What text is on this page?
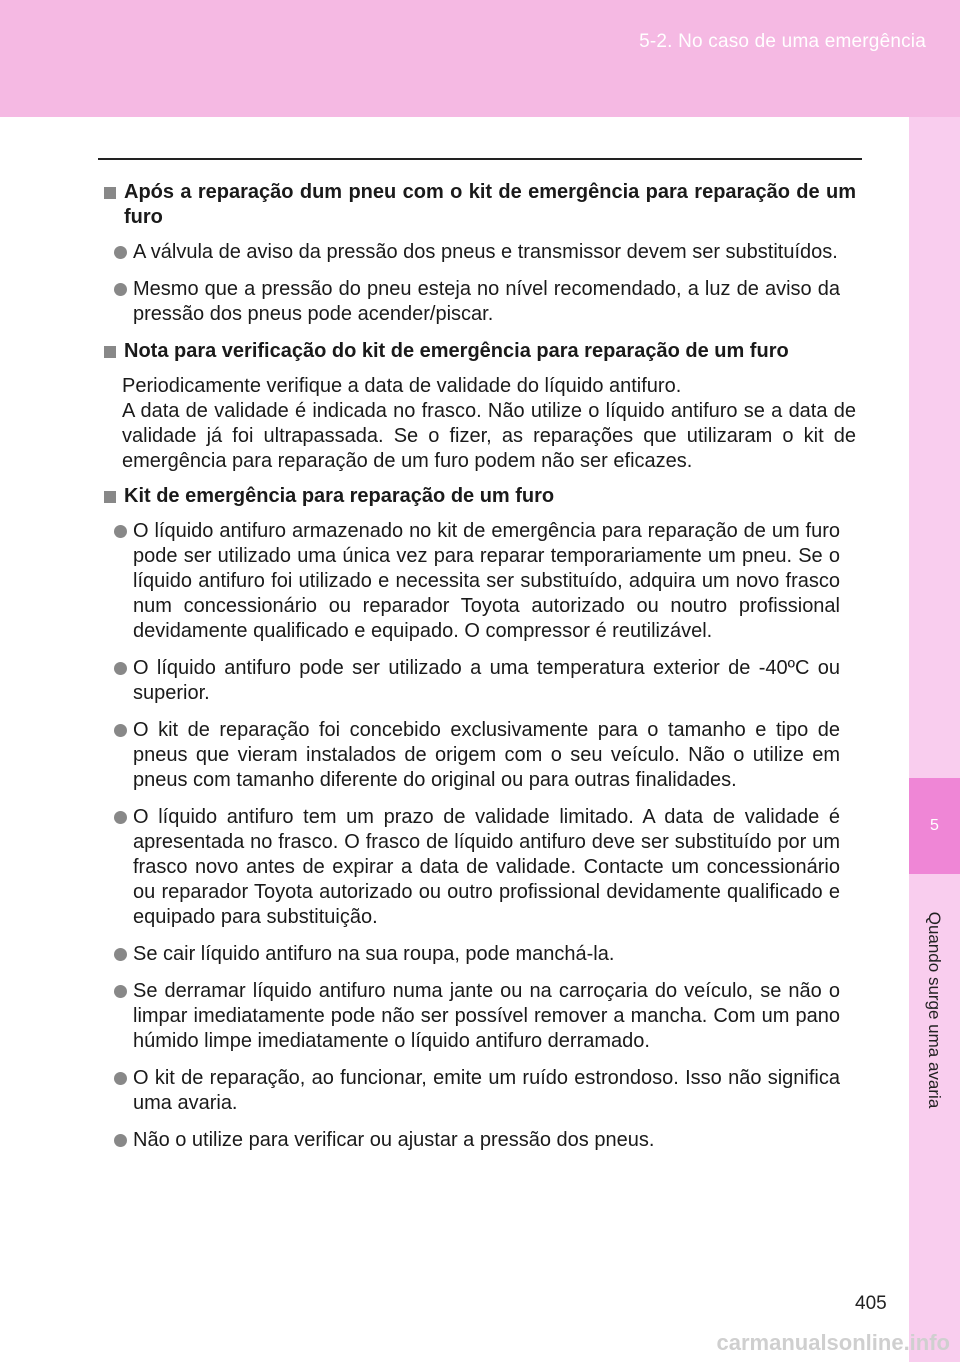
5-2. No caso de uma emergência
5
Quando surge uma avaria
Após a reparação dum pneu com o kit de emergência para reparação de um furo
A válvula de aviso da pressão dos pneus e transmissor devem ser substituídos.
Mesmo que a pressão do pneu esteja no nível recomendado, a luz de aviso da pressão dos pneus pode acender/piscar.
Nota para verificação do kit de emergência para reparação de um furo

Periodicamente verifique a data de validade do líquido antifuro.

A data de validade é indicada no frasco. Não utilize o líquido antifuro se a data de validade já foi ultrapassada. Se o fizer, as reparações que utilizaram o kit de emergência para reparação de um furo podem não ser eficazes.

Kit de emergência para reparação de um furo
O líquido antifuro armazenado no kit de emergência para reparação de um furo pode ser utilizado uma única vez para reparar temporariamente um pneu. Se o líquido antifuro foi utilizado e necessita ser substituído, adquira um novo frasco num concessionário ou reparador Toyota autorizado ou noutro profissional devidamente qualificado e equipado. O compressor é reutilizável.
O líquido antifuro pode ser utilizado a uma temperatura exterior de -40ºC ou superior.
O kit de reparação foi concebido exclusivamente para o tamanho e tipo de pneus que vieram instalados de origem com o seu veículo. Não o utilize em pneus com tamanho diferente do original ou para outras finalidades.
O líquido antifuro tem um prazo de validade limitado. A data de validade é apresentada no frasco. O frasco de líquido antifuro deve ser substituído por um frasco novo antes de expirar a data de validade. Contacte um concessionário ou reparador Toyota autorizado ou outro profissional devidamente qualificado e equipado para substituição.
Se cair líquido antifuro na sua roupa, pode manchá-la.
Se derramar líquido antifuro numa jante ou na carroçaria do veículo, se não o limpar imediatamente pode não ser possível remover a mancha. Com um pano húmido limpe imediatamente o líquido antifuro derramado.
O kit de reparação, ao funcionar, emite um ruído estrondoso. Isso não significa uma avaria.
Não o utilize para verificar ou ajustar a pressão dos pneus.
405
carmanualsonline.info
